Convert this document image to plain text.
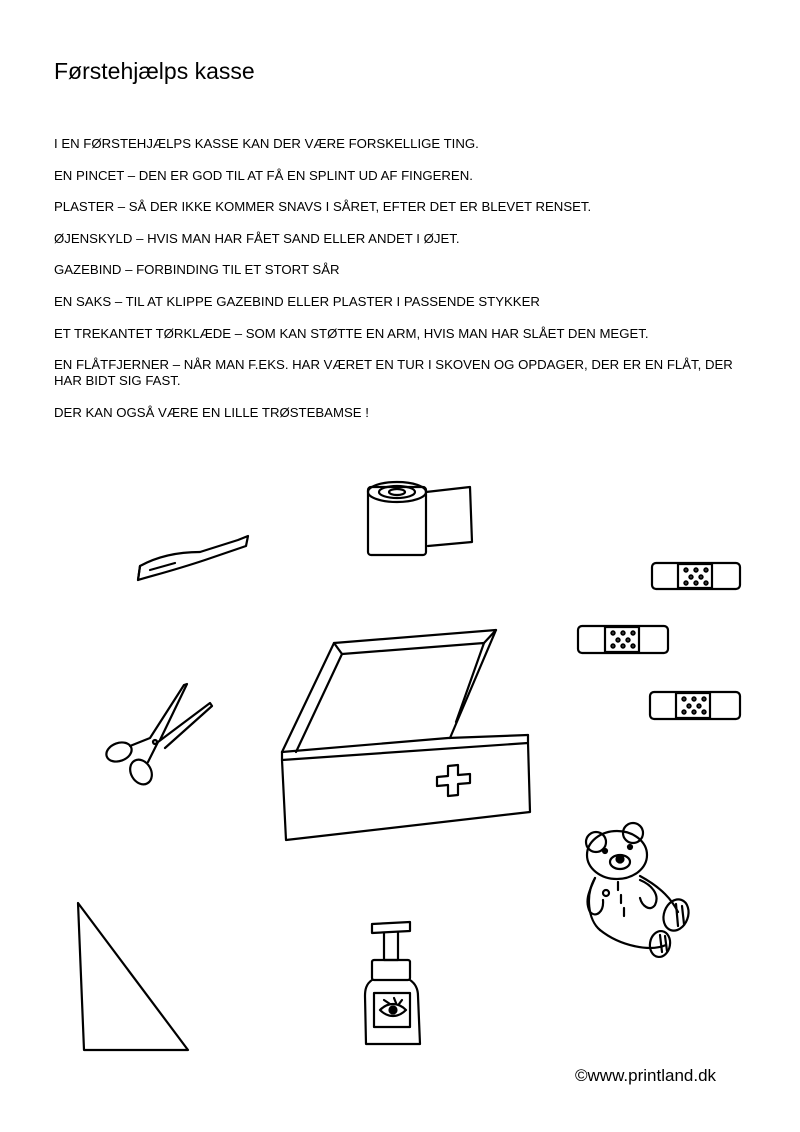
Førstehjælps kasse

I EN FØRSTEHJÆLPS KASSE KAN DER VÆRE FORSKELLIGE TING.

EN PINCET – DEN ER GOD TIL AT FÅ EN SPLINT UD AF FINGEREN.

PLASTER – SÅ DER IKKE KOMMER SNAVS I SÅRET, EFTER DET ER BLEVET RENSET.

ØJENSKYLD – HVIS MAN HAR FÅET SAND ELLER ANDET I ØJET.

GAZEBIND – FORBINDING TIL ET STORT SÅR

EN SAKS – TIL AT KLIPPE GAZEBIND ELLER PLASTER I PASSENDE STYKKER

ET TREKANTET TØRKLÆDE – SOM KAN STØTTE EN ARM, HVIS MAN HAR SLÅET DEN MEGET.

EN FLÅTFJERNER – NÅR MAN F.EKS. HAR VÆRET EN TUR I SKOVEN OG OPDAGER, DER ER EN FLÅT, DER HAR BIDT SIG FAST.

DER KAN OGSÅ VÆRE EN LILLE TRØSTEBAMSE !

©www.printland.dk
